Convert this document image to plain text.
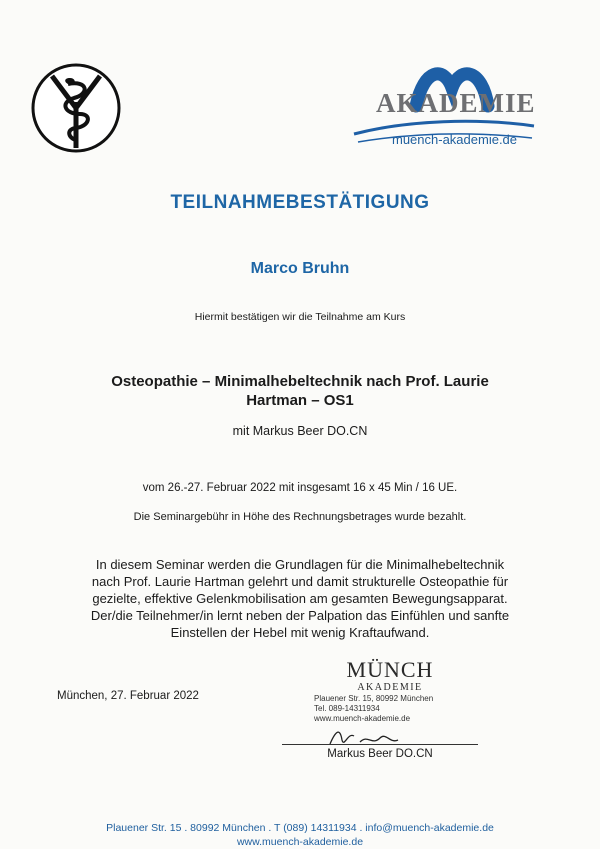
AKADEMIE
muench-akademie.de
TEILNAHMEBESTÄTIGUNG
Marco Bruhn
Hiermit bestätigen wir die Teilnahme am Kurs
Osteopathie – Minimalhebeltechnik nach Prof. Laurie
Hartman – OS1
mit Markus Beer DO.CN
vom 26.-27. Februar 2022 mit insgesamt 16 x 45 Min / 16 UE.
Die Seminargebühr in Höhe des Rechnungsbetrages wurde bezahlt.
In diesem Seminar werden die Grundlagen für die Minimalhebeltechnik
nach Prof. Laurie Hartman gelehrt und damit strukturelle Osteopathie für
gezielte, effektive Gelenkmobilisation am gesamten Bewegungsapparat.
Der/die Teilnehmer/in lernt neben der Palpation das Einfühlen und sanfte
Einstellen der Hebel mit wenig Kraftaufwand.
München, 27. Februar 2022
MÜNCH
AKADEMIE
Plauener Str. 15, 80992 München
Tel. 089-14311934
www.muench-akademie.de
Markus Beer DO.CN
Plauener Str. 15 . 80992 München . T (089) 14311934 . info@muench-akademie.de
www.muench-akademie.de
